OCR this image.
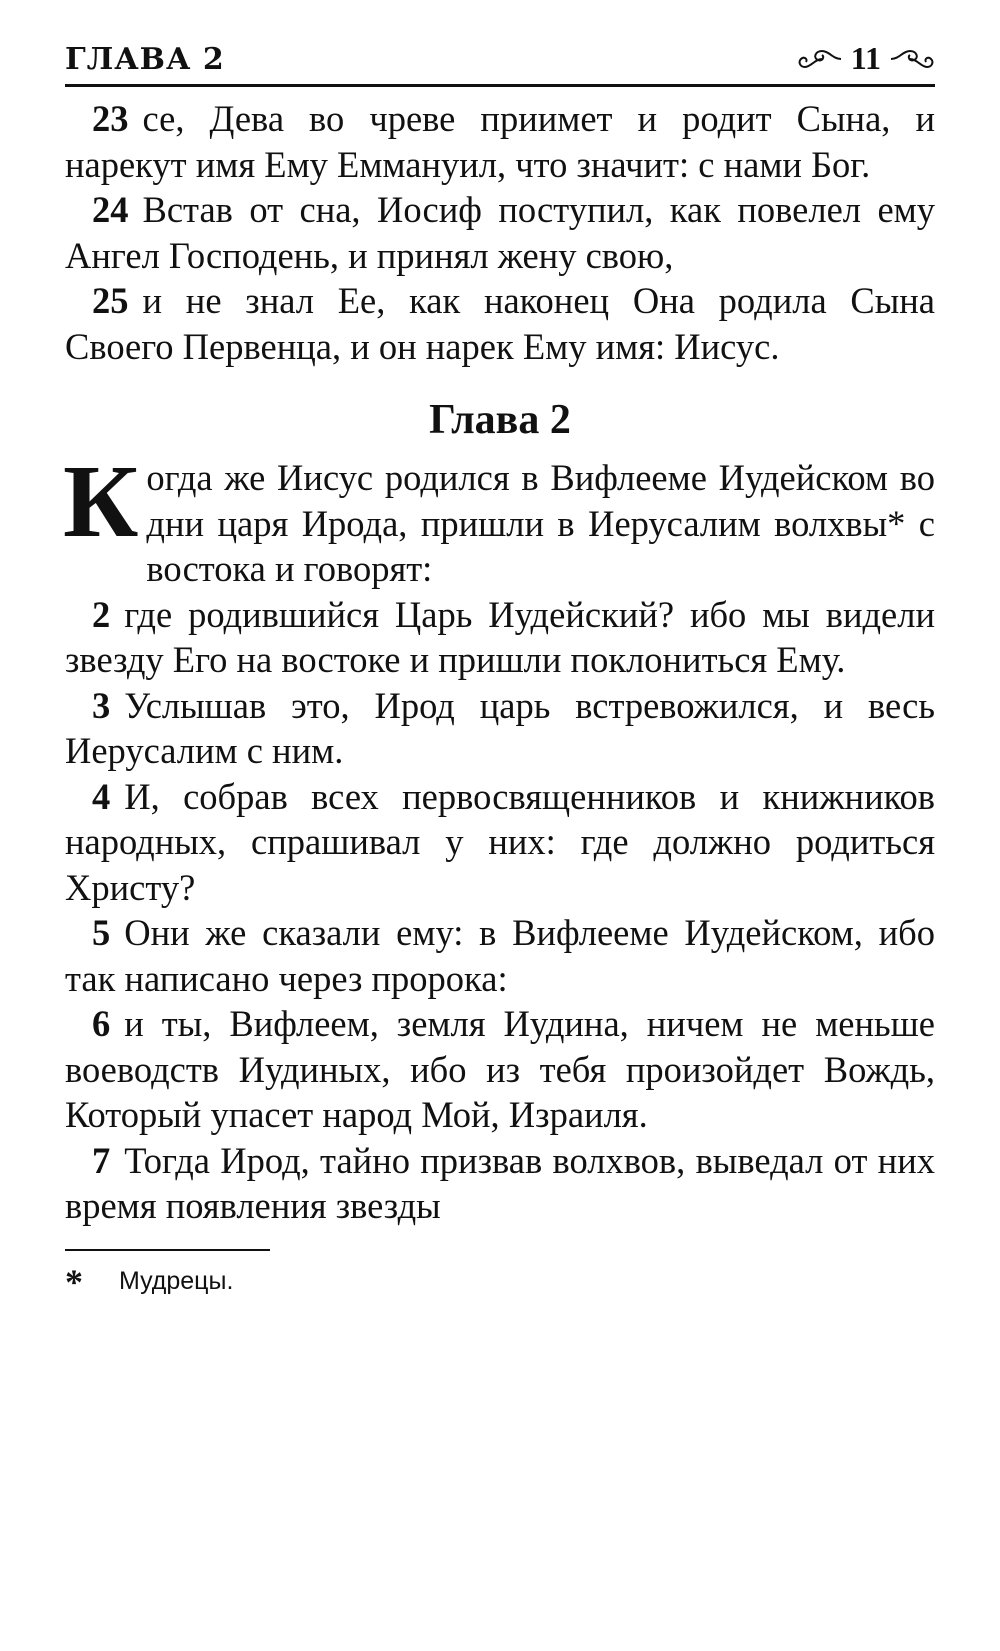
ГЛАВА 2	11

23 се, Дева во чреве приимет и родит Сына, и нарекут имя Ему Еммануил, что значит: с нами Бог.

24 Встав от сна, Иосиф поступил, как повелел ему Ангел Господень, и принял жену свою,

25 и не знал Ее, как наконец Она родила Сына Своего Первенца, и он нарек Ему имя: Иисус.

Глава 2

Когда же Иисус родился в Вифлееме Иудейском во дни царя Ирода, пришли в Иерусалим волхвы* с востока и говорят:

2 где родившийся Царь Иудейский? ибо мы видели звезду Его на востоке и пришли поклониться Ему.

3 Услышав это, Ирод царь встревожился, и весь Иерусалим с ним.

4 И, собрав всех первосвященников и книжников народных, спрашивал у них: где должно родиться Христу?

5 Они же сказали ему: в Вифлееме Иудейском, ибо так написано через пророка:

6 и ты, Вифлеем, земля Иудина, ничем не меньше воеводств Иудиных, ибо из тебя произойдет Вождь, Который упасет народ Мой, Израиля.

7 Тогда Ирод, тайно призвав волхвов, выведал от них время появления звезды

*	Мудрецы.
